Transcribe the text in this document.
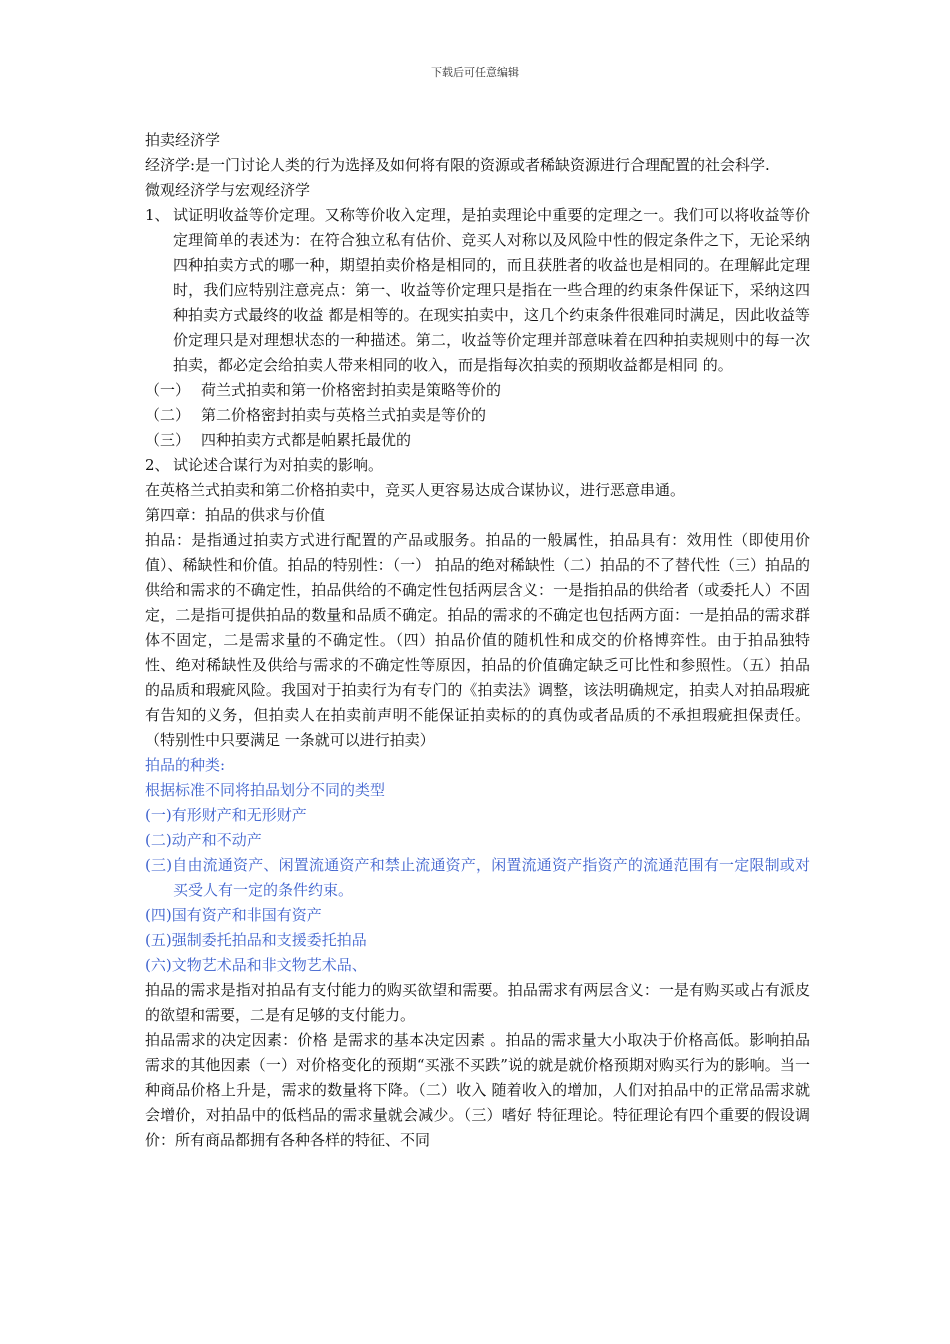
下载后可任意编辑

拍卖经济学

经济学:是一门讨论人类的行为选择及如何将有限的资源或者稀缺资源进行合理配置的社会科学.

微观经济学与宏观经济学

1、 试证明收益等价定理。又称等价收入定理，是拍卖理论中重要的定理之一。我们可以将收益等价定理简单的表述为：在符合独立私有估价、竞买人对称以及风险中性的假定条件之下，无论采纳四种拍卖方式的哪一种，期望拍卖价格是相同的，而且获胜者的收益也是相同的。在理解此定理时，我们应特别注意亮点：第一、收益等价定理只是指在一些合理的约束条件保证下，采纳这四种拍卖方式最终的收益 都是相等的。在现实拍卖中，这几个约束条件很难同时满足，因此收益等价定理只是对理想状态的一种描述。第二，收益等价定理并部意味着在四种拍卖规则中的每一次拍卖，都必定会给拍卖人带来相同的收入，而是指每次拍卖的预期收益都是相同 的。

（一） 荷兰式拍卖和第一价格密封拍卖是策略等价的

（二） 第二价格密封拍卖与英格兰式拍卖是等价的

（三） 四种拍卖方式都是帕累托最优的

2、 试论述合谋行为对拍卖的影响。

在英格兰式拍卖和第二价格拍卖中，竞买人更容易达成合谋协议，进行恶意串通。

第四章：拍品的供求与价值

拍品：是指通过拍卖方式进行配置的产品或服务。拍品的一般属性，拍品具有：效用性（即使用价值）、稀缺性和价值。拍品的特别性：（一） 拍品的绝对稀缺性（二）拍品的不了替代性（三）拍品的供给和需求的不确定性，拍品供给的不确定性包括两层含义：一是指拍品的供给者（或委托人）不固定，二是指可提供拍品的数量和品质不确定。拍品的需求的不确定也包括两方面：一是拍品的需求群体不固定，二是需求量的不确定性。（四）拍品价值的随机性和成交的价格博弈性。由于拍品独特性、绝对稀缺性及供给与需求的不确定性等原因，拍品的价值确定缺乏可比性和参照性。（五）拍品的品质和瑕疵风险。我国对于拍卖行为有专门的《拍卖法》调整，该法明确规定，拍卖人对拍品瑕疵有告知的义务，但拍卖人在拍卖前声明不能保证拍卖标的的真伪或者品质的不承担瑕疵担保责任。（特别性中只要满足 一条就可以进行拍卖）

拍品的种类:

根据标准不同将拍品划分不同的类型

(一)有形财产和无形财产

(二)动产和不动产

(三)自由流通资产、闲置流通资产和禁止流通资产，闲置流通资产指资产的流通范围有一定限制或对买受人有一定的条件约束。

(四)国有资产和非国有资产

(五)强制委托拍品和支援委托拍品

(六)文物艺术品和非文物艺术品、

拍品的需求是指对拍品有支付能力的购买欲望和需要。拍品需求有两层含义：一是有购买或占有派皮的欲望和需要，二是有足够的支付能力。

拍品需求的决定因素：价格 是需求的基本决定因素 。拍品的需求量大小取决于价格高低。影响拍品需求的其他因素（一）对价格变化的预期“买涨不买跌”说的就是就价格预期对购买行为的影响。当一种商品价格上升是，需求的数量将下降。（二）收入 随着收入的增加，人们对拍品中的正常品需求就会增价，对拍品中的低档品的需求量就会减少。（三）嗜好 特征理论。特征理论有四个重要的假设调价：所有商品都拥有各种各样的特征、不同
